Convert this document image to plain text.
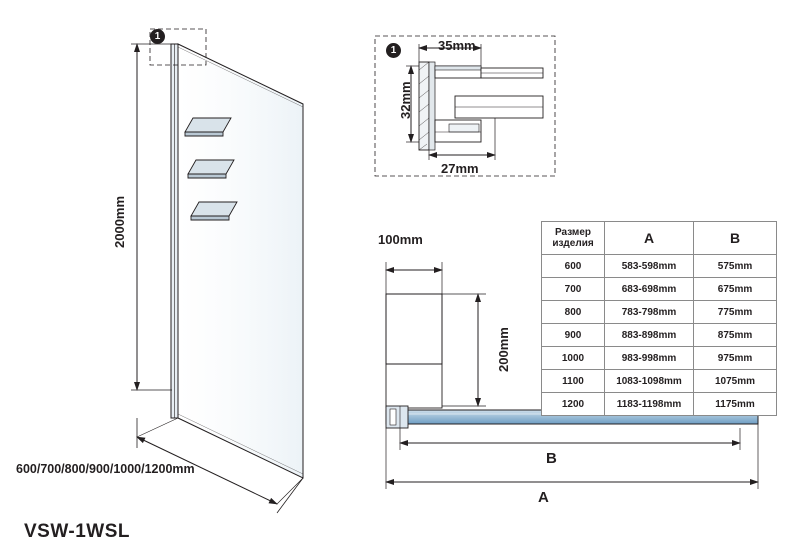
1
1
2000mm
600/700/800/900/1000/1200mm
35mm
32mm
27mm
100mm
200mm
B
A
Размер изделия	A	B
600	583-598mm	575mm
700	683-698mm	675mm
800	783-798mm	775mm
900	883-898mm	875mm
1000	983-998mm	975mm
1100	1083-1098mm	1075mm
1200	1183-1198mm	1175mm
VSW-1WSL
